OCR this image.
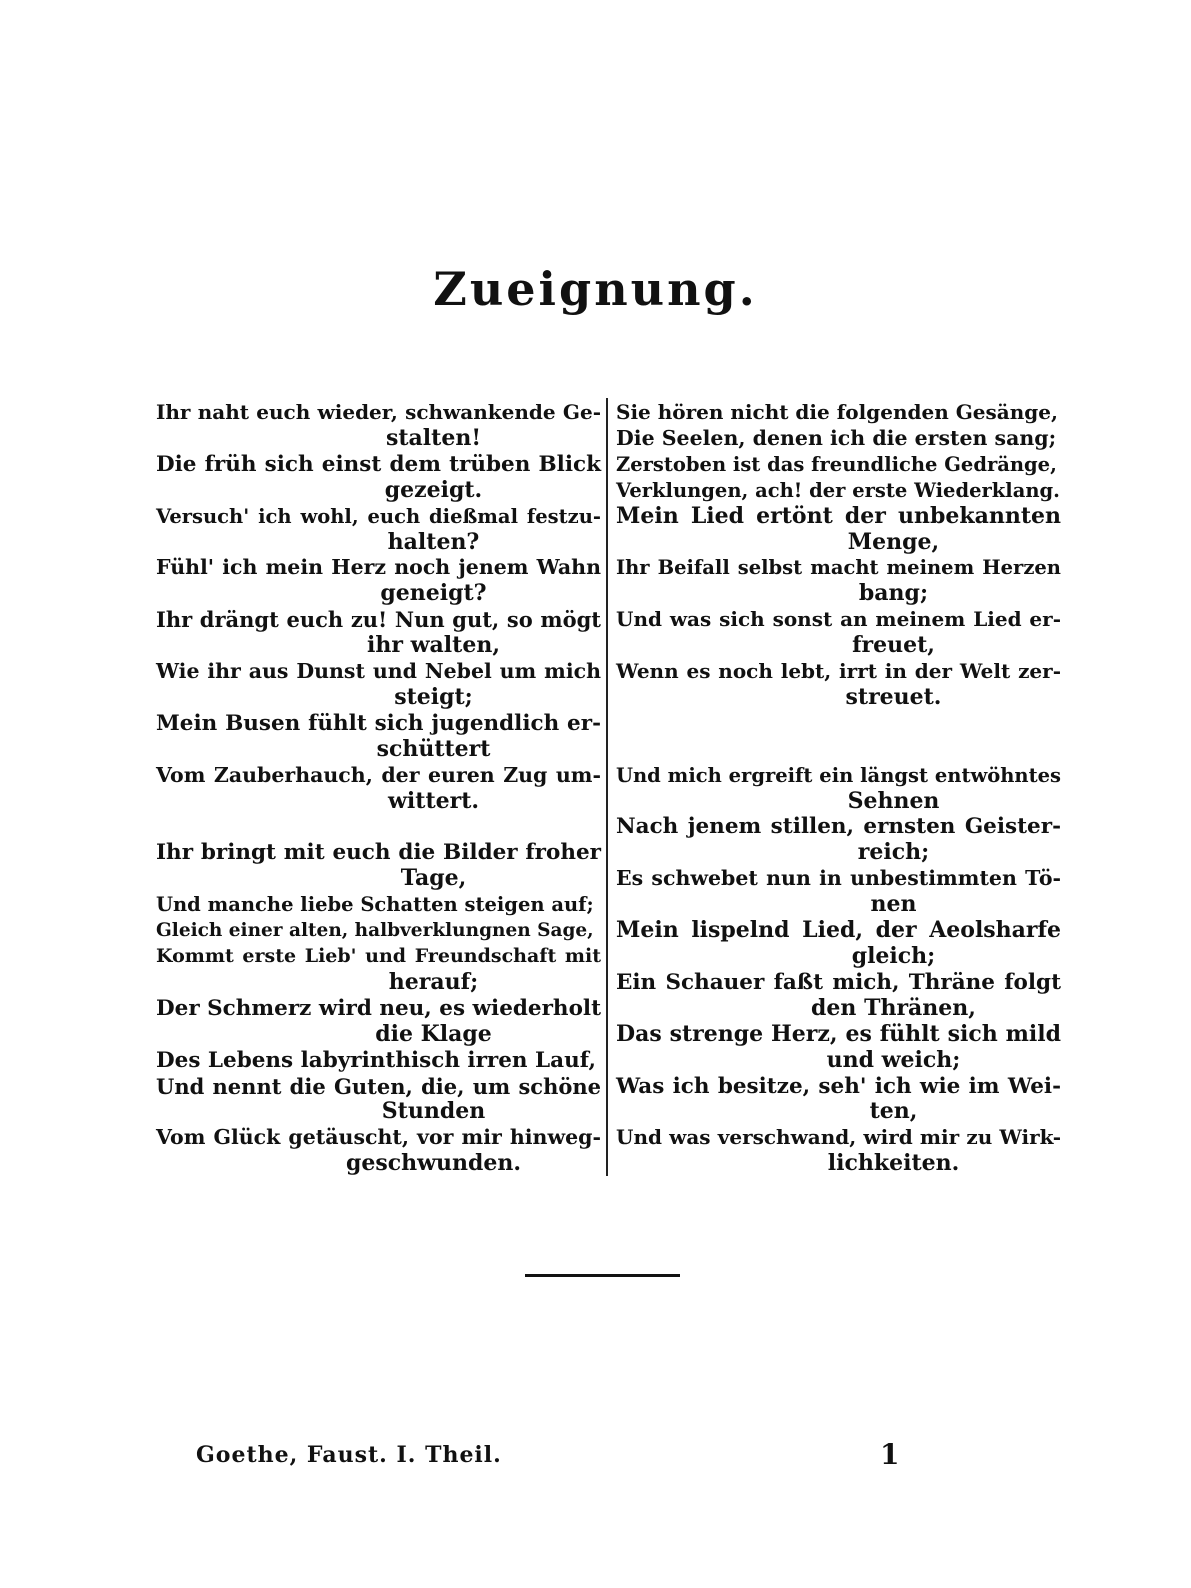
Zueignung.
Ihr naht euch wieder, schwankende Ge-
stalten!
Die früh sich einst dem trüben Blick
gezeigt.
Versuch' ich wohl, euch dießmal festzu-
halten?
Fühl' ich mein Herz noch jenem Wahn
geneigt?
Ihr drängt euch zu! Nun gut, so mögt
ihr walten,
Wie ihr aus Dunst und Nebel um mich
steigt;
Mein Busen fühlt sich jugendlich er-
schüttert
Vom Zauberhauch, der euren Zug um-
wittert.
Ihr bringt mit euch die Bilder froher
Tage,
Und manche liebe Schatten steigen auf;
Gleich einer alten, halbverklungnen Sage,
Kommt erste Lieb' und Freundschaft mit
herauf;
Der Schmerz wird neu, es wiederholt
die Klage
Des Lebens labyrinthisch irren Lauf,
Und nennt die Guten, die, um schöne
Stunden
Vom Glück getäuscht, vor mir hinweg-
geschwunden.
Sie hören nicht die folgenden Gesänge,
Die Seelen, denen ich die ersten sang;
Zerstoben ist das freundliche Gedränge,
Verklungen, ach! der erste Wiederklang.
Mein Lied ertönt der unbekannten
Menge,
Ihr Beifall selbst macht meinem Herzen
bang;
Und was sich sonst an meinem Lied er-
freuet,
Wenn es noch lebt, irrt in der Welt zer-
streuet.
Und mich ergreift ein längst entwöhntes
Sehnen
Nach jenem stillen, ernsten Geister-
reich;
Es schwebet nun in unbestimmten Tö-
nen
Mein lispelnd Lied, der Aeolsharfe
gleich;
Ein Schauer faßt mich, Thräne folgt
den Thränen,
Das strenge Herz, es fühlt sich mild
und weich;
Was ich besitze, seh' ich wie im Wei-
ten,
Und was verschwand, wird mir zu Wirk-
lichkeiten.
Goethe, Faust. I. Theil.	1
